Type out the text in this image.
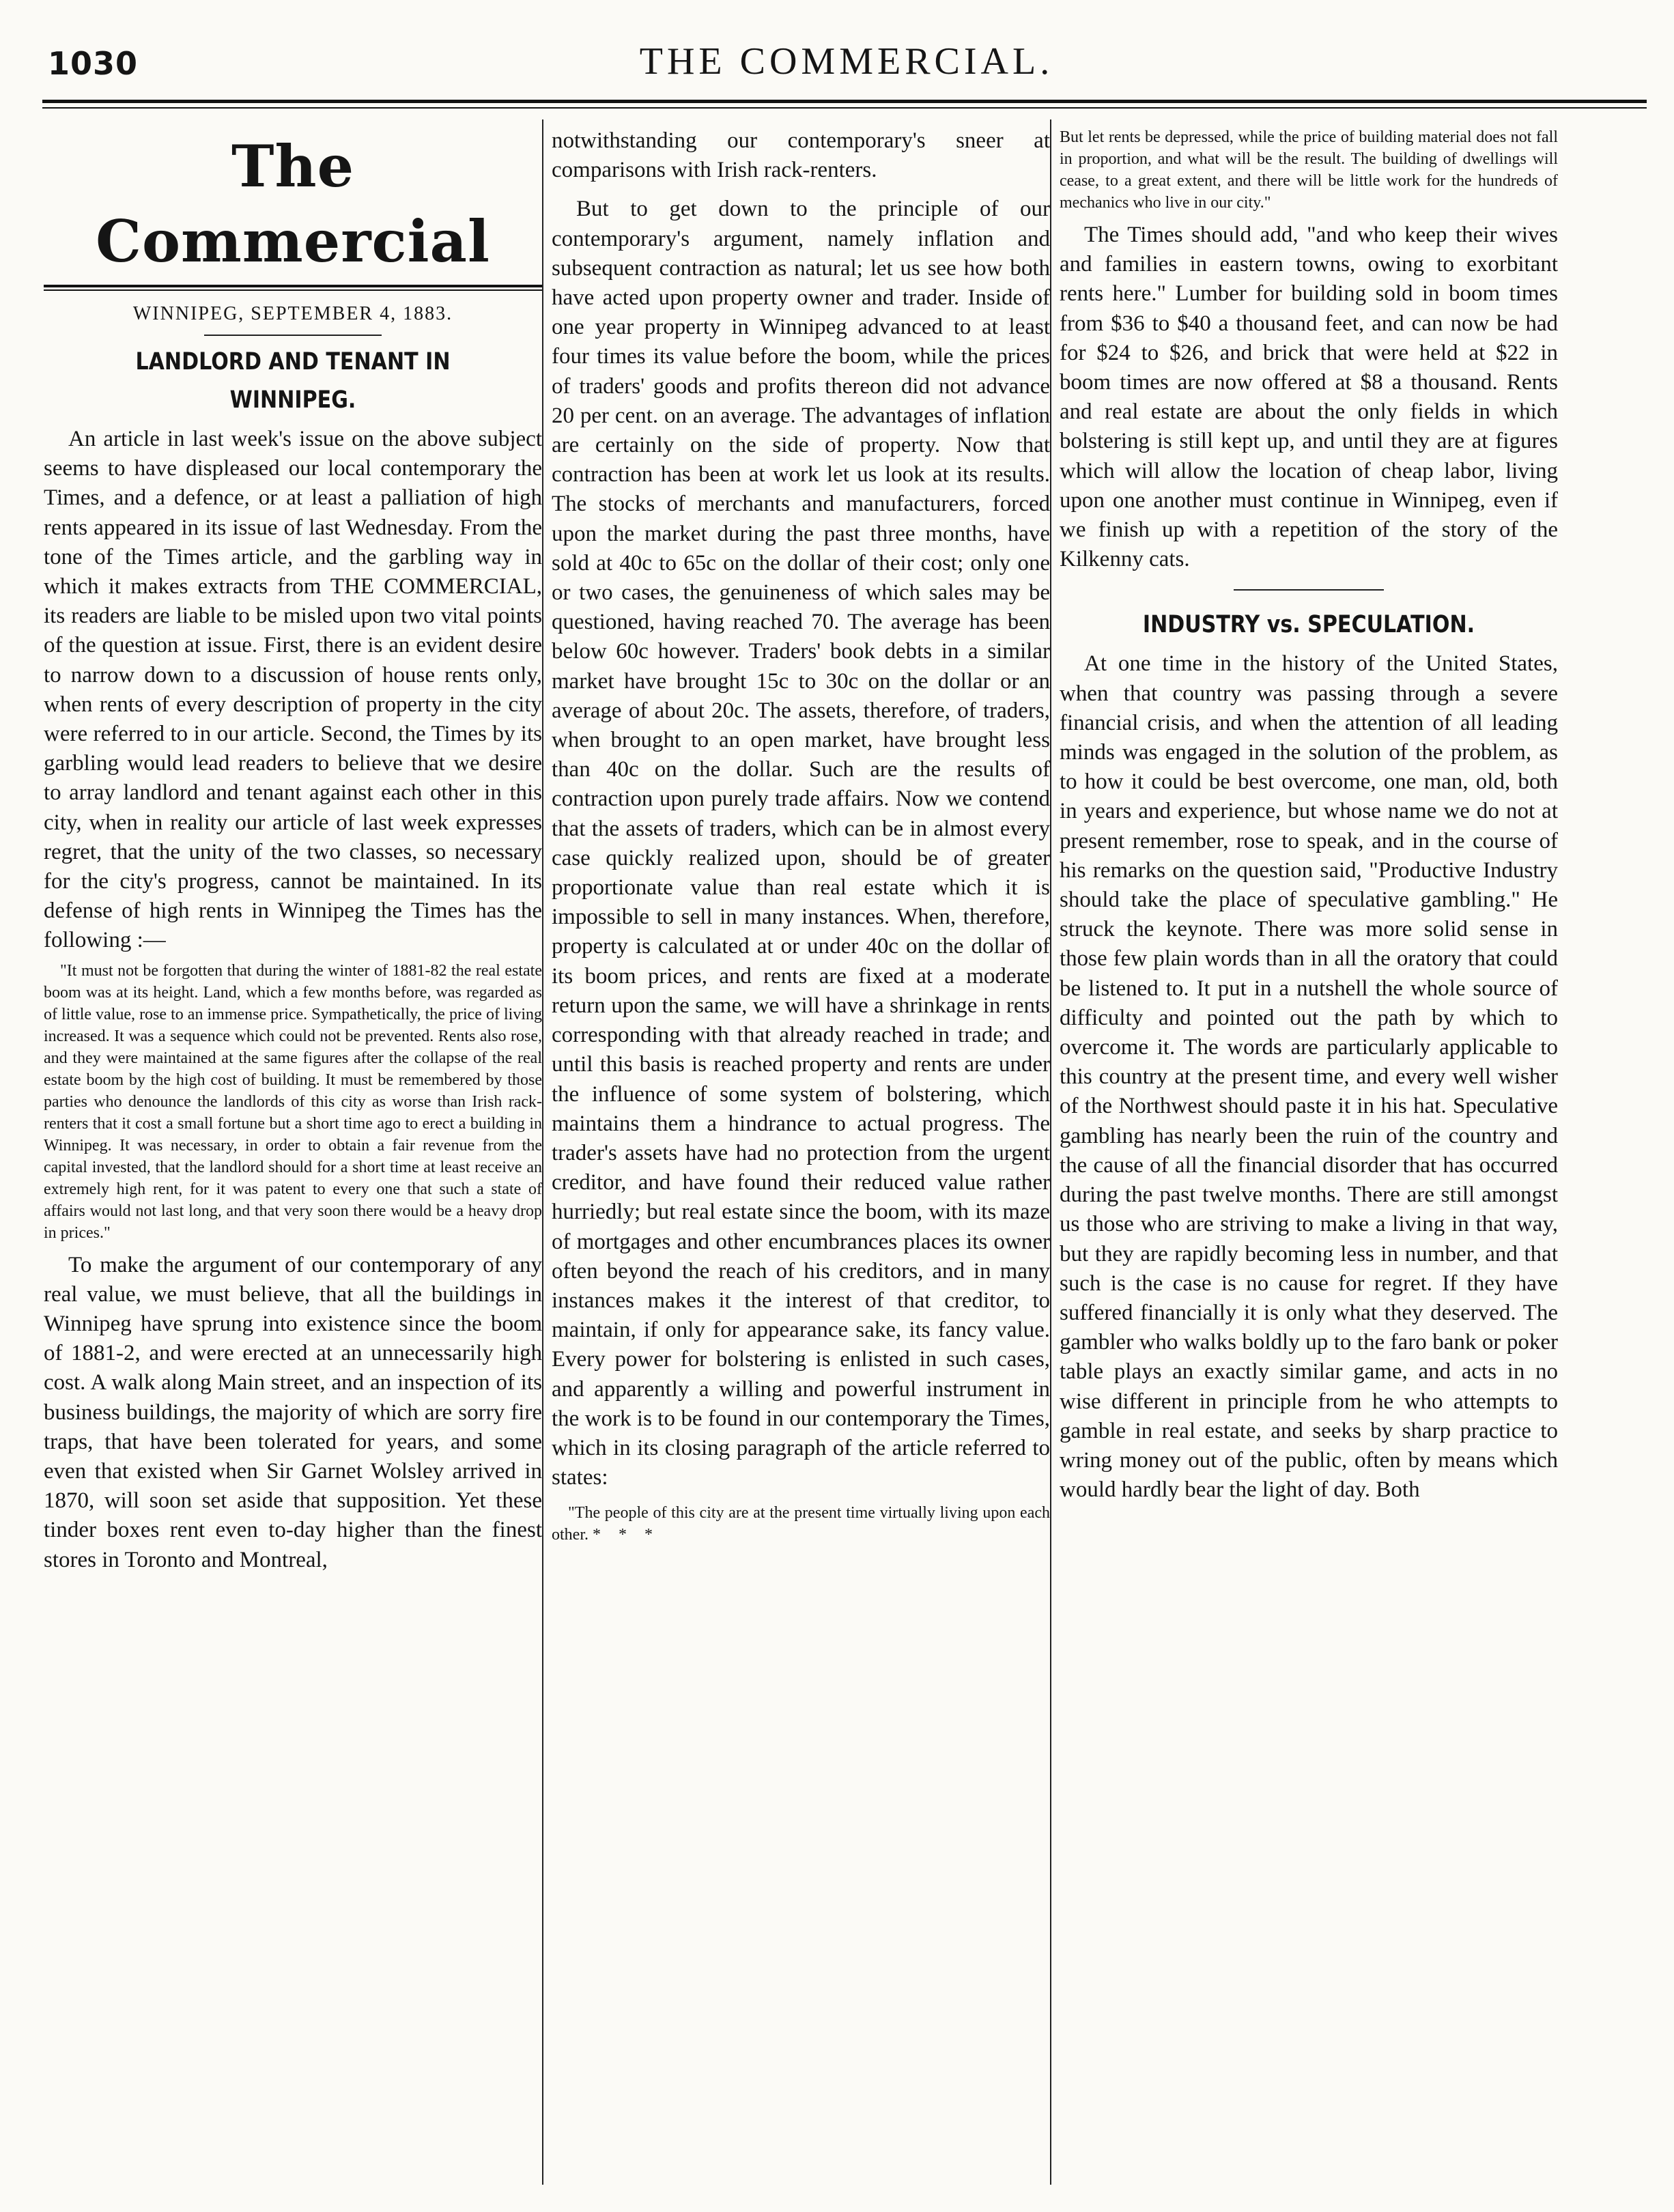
1030	THE COMMERCIAL.
The Commercial
WINNIPEG, SEPTEMBER 4, 1883.
LANDLORD AND TENANT IN WINNIPEG.

An article in last week's issue on the above subject seems to have displeased our local contemporary the Times, and a defence, or at least a palliation of high rents appeared in its issue of last Wednesday. From the tone of the Times article, and the garbling way in which it makes extracts from THE COMMERCIAL, its readers are liable to be misled upon two vital points of the question at issue. First, there is an evident desire to narrow down to a discussion of house rents only, when rents of every description of property in the city were referred to in our article. Second, the Times by its garbling would lead readers to believe that we desire to array landlord and tenant against each other in this city, when in reality our article of last week expresses regret, that the unity of the two classes, so necessary for the city's progress, cannot be maintained. In its defense of high rents in Winnipeg the Times has the following :—

"It must not be forgotten that during the winter of 1881-82 the real estate boom was at its height. Land, which a few months before, was regarded as of little value, rose to an immense price. Sympathetically, the price of living increased. It was a sequence which could not be prevented. Rents also rose, and they were maintained at the same figures after the collapse of the real estate boom by the high cost of building. It must be remembered by those parties who denounce the landlords of this city as worse than Irish rack-renters that it cost a small fortune but a short time ago to erect a building in Winnipeg. It was necessary, in order to obtain a fair revenue from the capital invested, that the landlord should for a short time at least receive an extremely high rent, for it was patent to every one that such a state of affairs would not last long, and that very soon there would be a heavy drop in prices."

To make the argument of our contemporary of any real value, we must believe, that all the buildings in Winnipeg have sprung into existence since the boom of 1881-2, and were erected at an unnecessarily high cost. A walk along Main street, and an inspection of its business buildings, the majority of which are sorry fire traps, that have been tolerated for years, and some even that existed when Sir Garnet Wolsley arrived in 1870, will soon set aside that supposition. Yet these tinder boxes rent even to-day higher than the finest stores in Toronto and Montreal,

notwithstanding our contemporary's sneer at comparisons with Irish rack-renters.

But to get down to the principle of our contemporary's argument, namely inflation and subsequent contraction as natural; let us see how both have acted upon property owner and trader. Inside of one year property in Winnipeg advanced to at least four times its value before the boom, while the prices of traders' goods and profits thereon did not advance 20 per cent. on an average. The advantages of inflation are certainly on the side of property. Now that contraction has been at work let us look at its results. The stocks of merchants and manufacturers, forced upon the market during the past three months, have sold at 40c to 65c on the dollar of their cost; only one or two cases, the genuineness of which sales may be questioned, having reached 70. The average has been below 60c however. Traders' book debts in a similar market have brought 15c to 30c on the dollar or an average of about 20c. The assets, therefore, of traders, when brought to an open market, have brought less than 40c on the dollar. Such are the results of contraction upon purely trade affairs. Now we contend that the assets of traders, which can be in almost every case quickly realized upon, should be of greater proportionate value than real estate which it is impossible to sell in many instances. When, therefore, property is calculated at or under 40c on the dollar of its boom prices, and rents are fixed at a moderate return upon the same, we will have a shrinkage in rents corresponding with that already reached in trade; and until this basis is reached property and rents are under the influence of some system of bolstering, which maintains them a hindrance to actual progress. The trader's assets have had no protection from the urgent creditor, and have found their reduced value rather hurriedly; but real estate since the boom, with its maze of mortgages and other encumbrances places its owner often beyond the reach of his creditors, and in many instances makes it the interest of that creditor, to maintain, if only for appearance sake, its fancy value. Every power for bolstering is enlisted in such cases, and apparently a willing and powerful instrument in the work is to be found in our contemporary the Times, which in its closing paragraph of the article referred to states:

"The people of this city are at the present time virtually living upon each other. * * *

But let rents be depressed, while the price of building material does not fall in proportion, and what will be the result. The building of dwellings will cease, to a great extent, and there will be little work for the hundreds of mechanics who live in our city."

The Times should add, "and who keep their wives and families in eastern towns, owing to exorbitant rents here." Lumber for building sold in boom times from $36 to $40 a thousand feet, and can now be had for $24 to $26, and brick that were held at $22 in boom times are now offered at $8 a thousand. Rents and real estate are about the only fields in which bolstering is still kept up, and until they are at figures which will allow the location of cheap labor, living upon one another must continue in Winnipeg, even if we finish up with a repetition of the story of the Kilkenny cats.

INDUSTRY vs. SPECULATION.

At one time in the history of the United States, when that country was passing through a severe financial crisis, and when the attention of all leading minds was engaged in the solution of the problem, as to how it could be best overcome, one man, old, both in years and experience, but whose name we do not at present remember, rose to speak, and in the course of his remarks on the question said, "Productive Industry should take the place of speculative gambling." He struck the keynote. There was more solid sense in those few plain words than in all the oratory that could be listened to. It put in a nutshell the whole source of difficulty and pointed out the path by which to overcome it. The words are particularly applicable to this country at the present time, and every well wisher of the Northwest should paste it in his hat. Speculative gambling has nearly been the ruin of the country and the cause of all the financial disorder that has occurred during the past twelve months. There are still amongst us those who are striving to make a living in that way, but they are rapidly becoming less in number, and that such is the case is no cause for regret. If they have suffered financially it is only what they deserved. The gambler who walks boldly up to the faro bank or poker table plays an exactly similar game, and acts in no wise different in principle from he who attempts to gamble in real estate, and seeks by sharp practice to wring money out of the public, often by means which would hardly bear the light of day. Both
